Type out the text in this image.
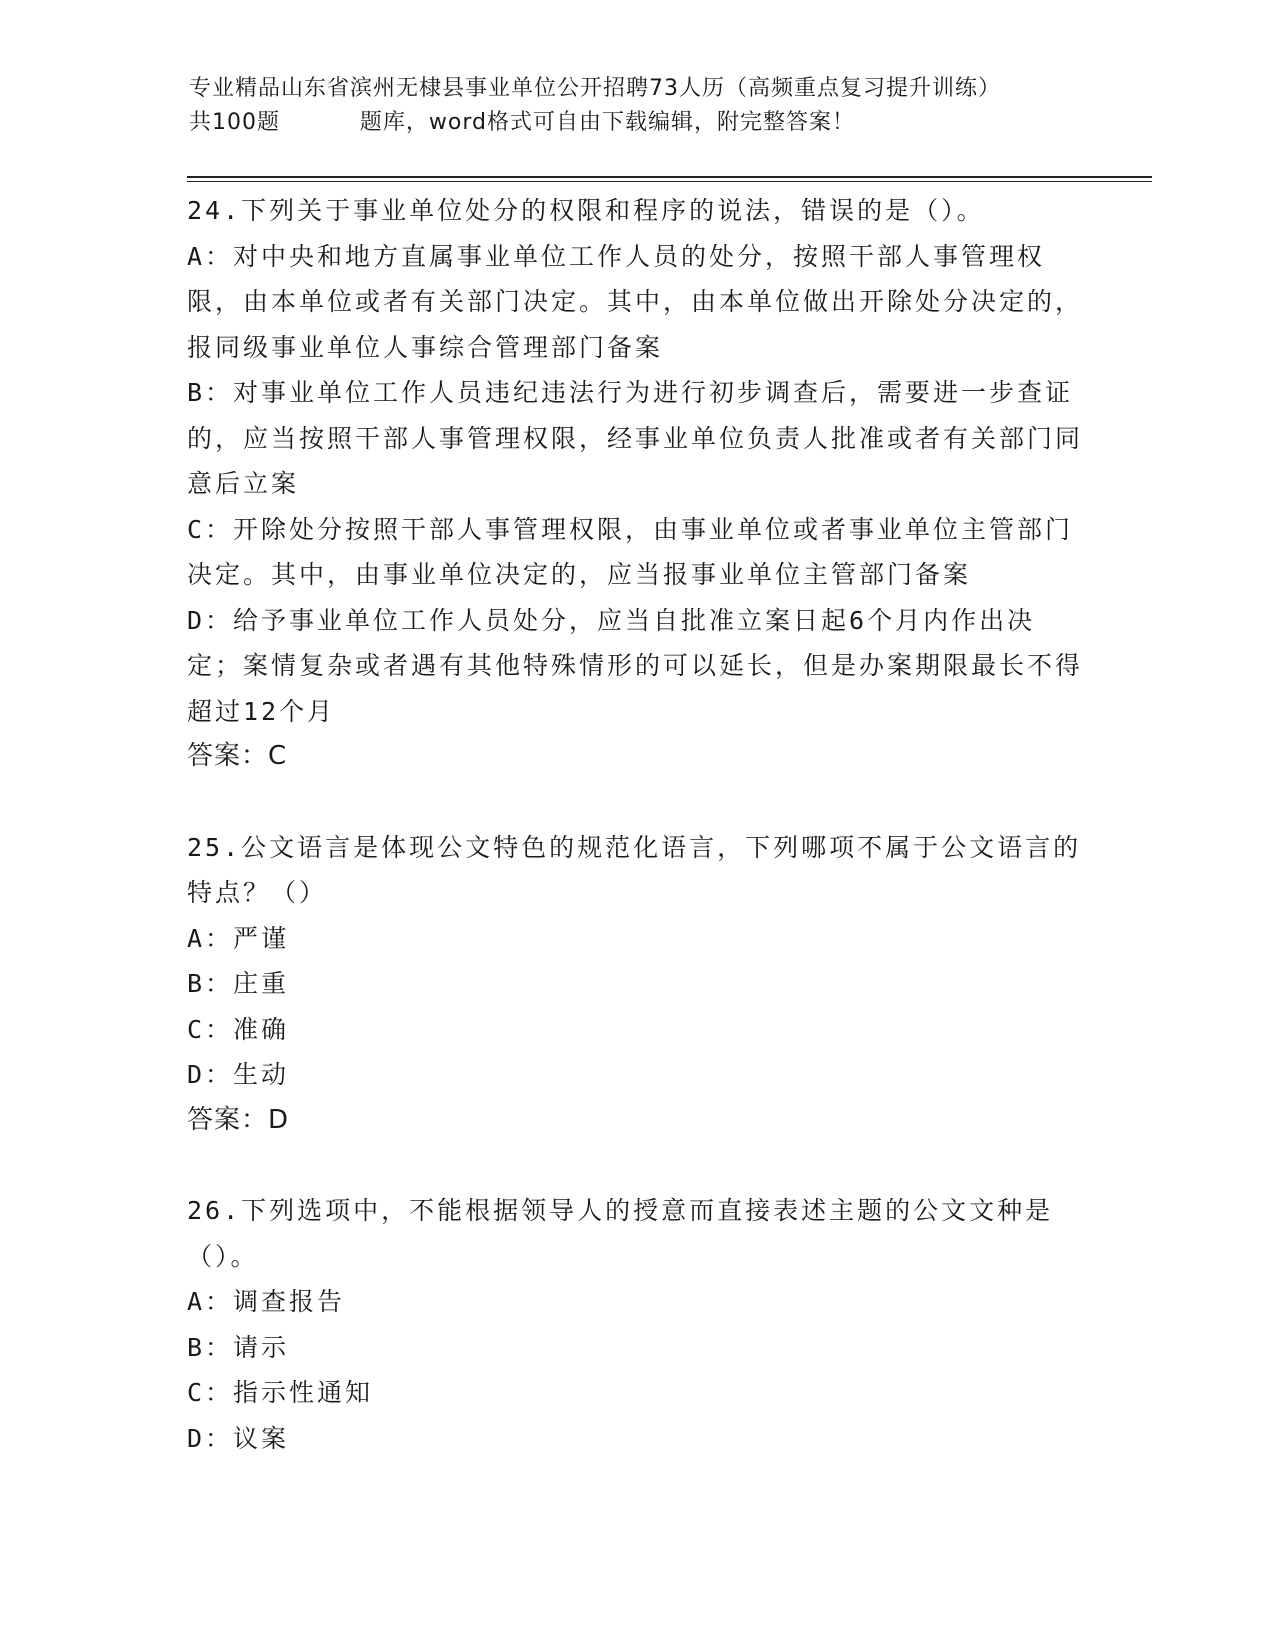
专业精品山东省滨州无棣县事业单位公开招聘73人历（高频重点复习提升训练）
共100题          题库，word格式可自由下载编辑，附完整答案！

24.下列关于事业单位处分的权限和程序的说法，错误的是（）。

A：对中央和地方直属事业单位工作人员的处分，按照干部人事管理权限，由本单位或者有关部门决定。其中，由本单位做出开除处分决定的，报同级事业单位人事综合管理部门备案

B：对事业单位工作人员违纪违法行为进行初步调查后，需要进一步查证的，应当按照干部人事管理权限，经事业单位负责人批准或者有关部门同意后立案

C：开除处分按照干部人事管理权限，由事业单位或者事业单位主管部门决定。其中，由事业单位决定的，应当报事业单位主管部门备案

D：给予事业单位工作人员处分，应当自批准立案日起6个月内作出决定；案情复杂或者遇有其他特殊情形的可以延长，但是办案期限最长不得超过12个月

答案：C

25.公文语言是体现公文特色的规范化语言，下列哪项不属于公文语言的特点？（）

A：严谨

B：庄重

C：准确

D：生动

答案：D

26.下列选项中，不能根据领导人的授意而直接表述主题的公文文种是（）。

A：调查报告

B：请示

C：指示性通知

D：议案
